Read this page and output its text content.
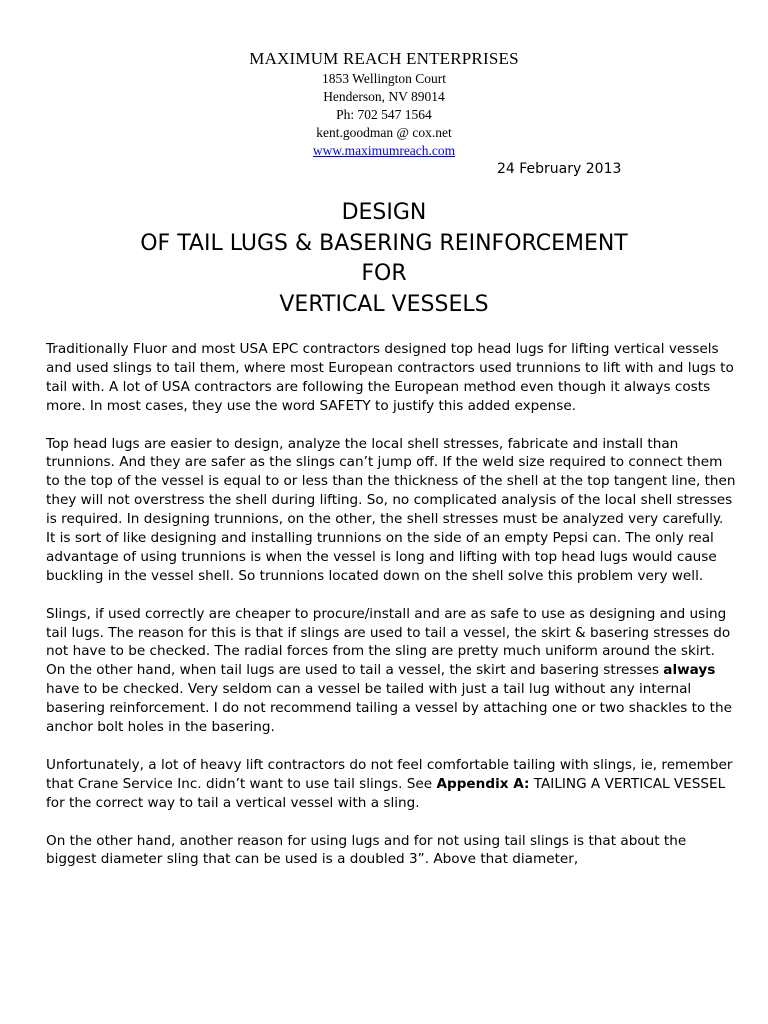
MAXIMUM REACH ENTERPRISES
1853 Wellington Court
Henderson, NV 89014
Ph: 702 547 1564
kent.goodman @ cox.net
www.maximumreach.com
24 February 2013
DESIGN
OF TAIL LUGS & BASERING REINFORCEMENT
FOR
VERTICAL VESSELS

Traditionally Fluor and most USA EPC contractors designed top head lugs for lifting vertical vessels and used slings to tail them, where most European contractors used trunnions to lift with and lugs to tail with. A lot of USA contractors are following the European method even though it always costs more. In most cases, they use the word SAFETY to justify this added expense.

Top head lugs are easier to design, analyze the local shell stresses, fabricate and install than trunnions. And they are safer as the slings can’t jump off. If the weld size required to connect them to the top of the vessel is equal to or less than the thickness of the shell at the top tangent line, then they will not overstress the shell during lifting. So, no complicated analysis of the local shell stresses is required. In designing trunnions, on the other, the shell stresses must be analyzed very carefully. It is sort of like designing and installing trunnions on the side of an empty Pepsi can. The only real advantage of using trunnions is when the vessel is long and lifting with top head lugs would cause buckling in the vessel shell. So trunnions located down on the shell solve this problem very well.

Slings, if used correctly are cheaper to procure/install and are as safe to use as designing and using tail lugs. The reason for this is that if slings are used to tail a vessel, the skirt & basering stresses do not have to be checked. The radial forces from the sling are pretty much uniform around the skirt. On the other hand, when tail lugs are used to tail a vessel, the skirt and basering stresses always have to be checked. Very seldom can a vessel be tailed with just a tail lug without any internal basering reinforcement. I do not recommend tailing a vessel by attaching one or two shackles to the anchor bolt holes in the basering.

Unfortunately, a lot of heavy lift contractors do not feel comfortable tailing with slings, ie, remember that Crane Service Inc. didn’t want to use tail slings. See Appendix A: TAILING A VERTICAL VESSEL for the correct way to tail a vertical vessel with a sling.

On the other hand, another reason for using lugs and for not using tail slings is that about the biggest diameter sling that can be used is a doubled 3”. Above that diameter,
